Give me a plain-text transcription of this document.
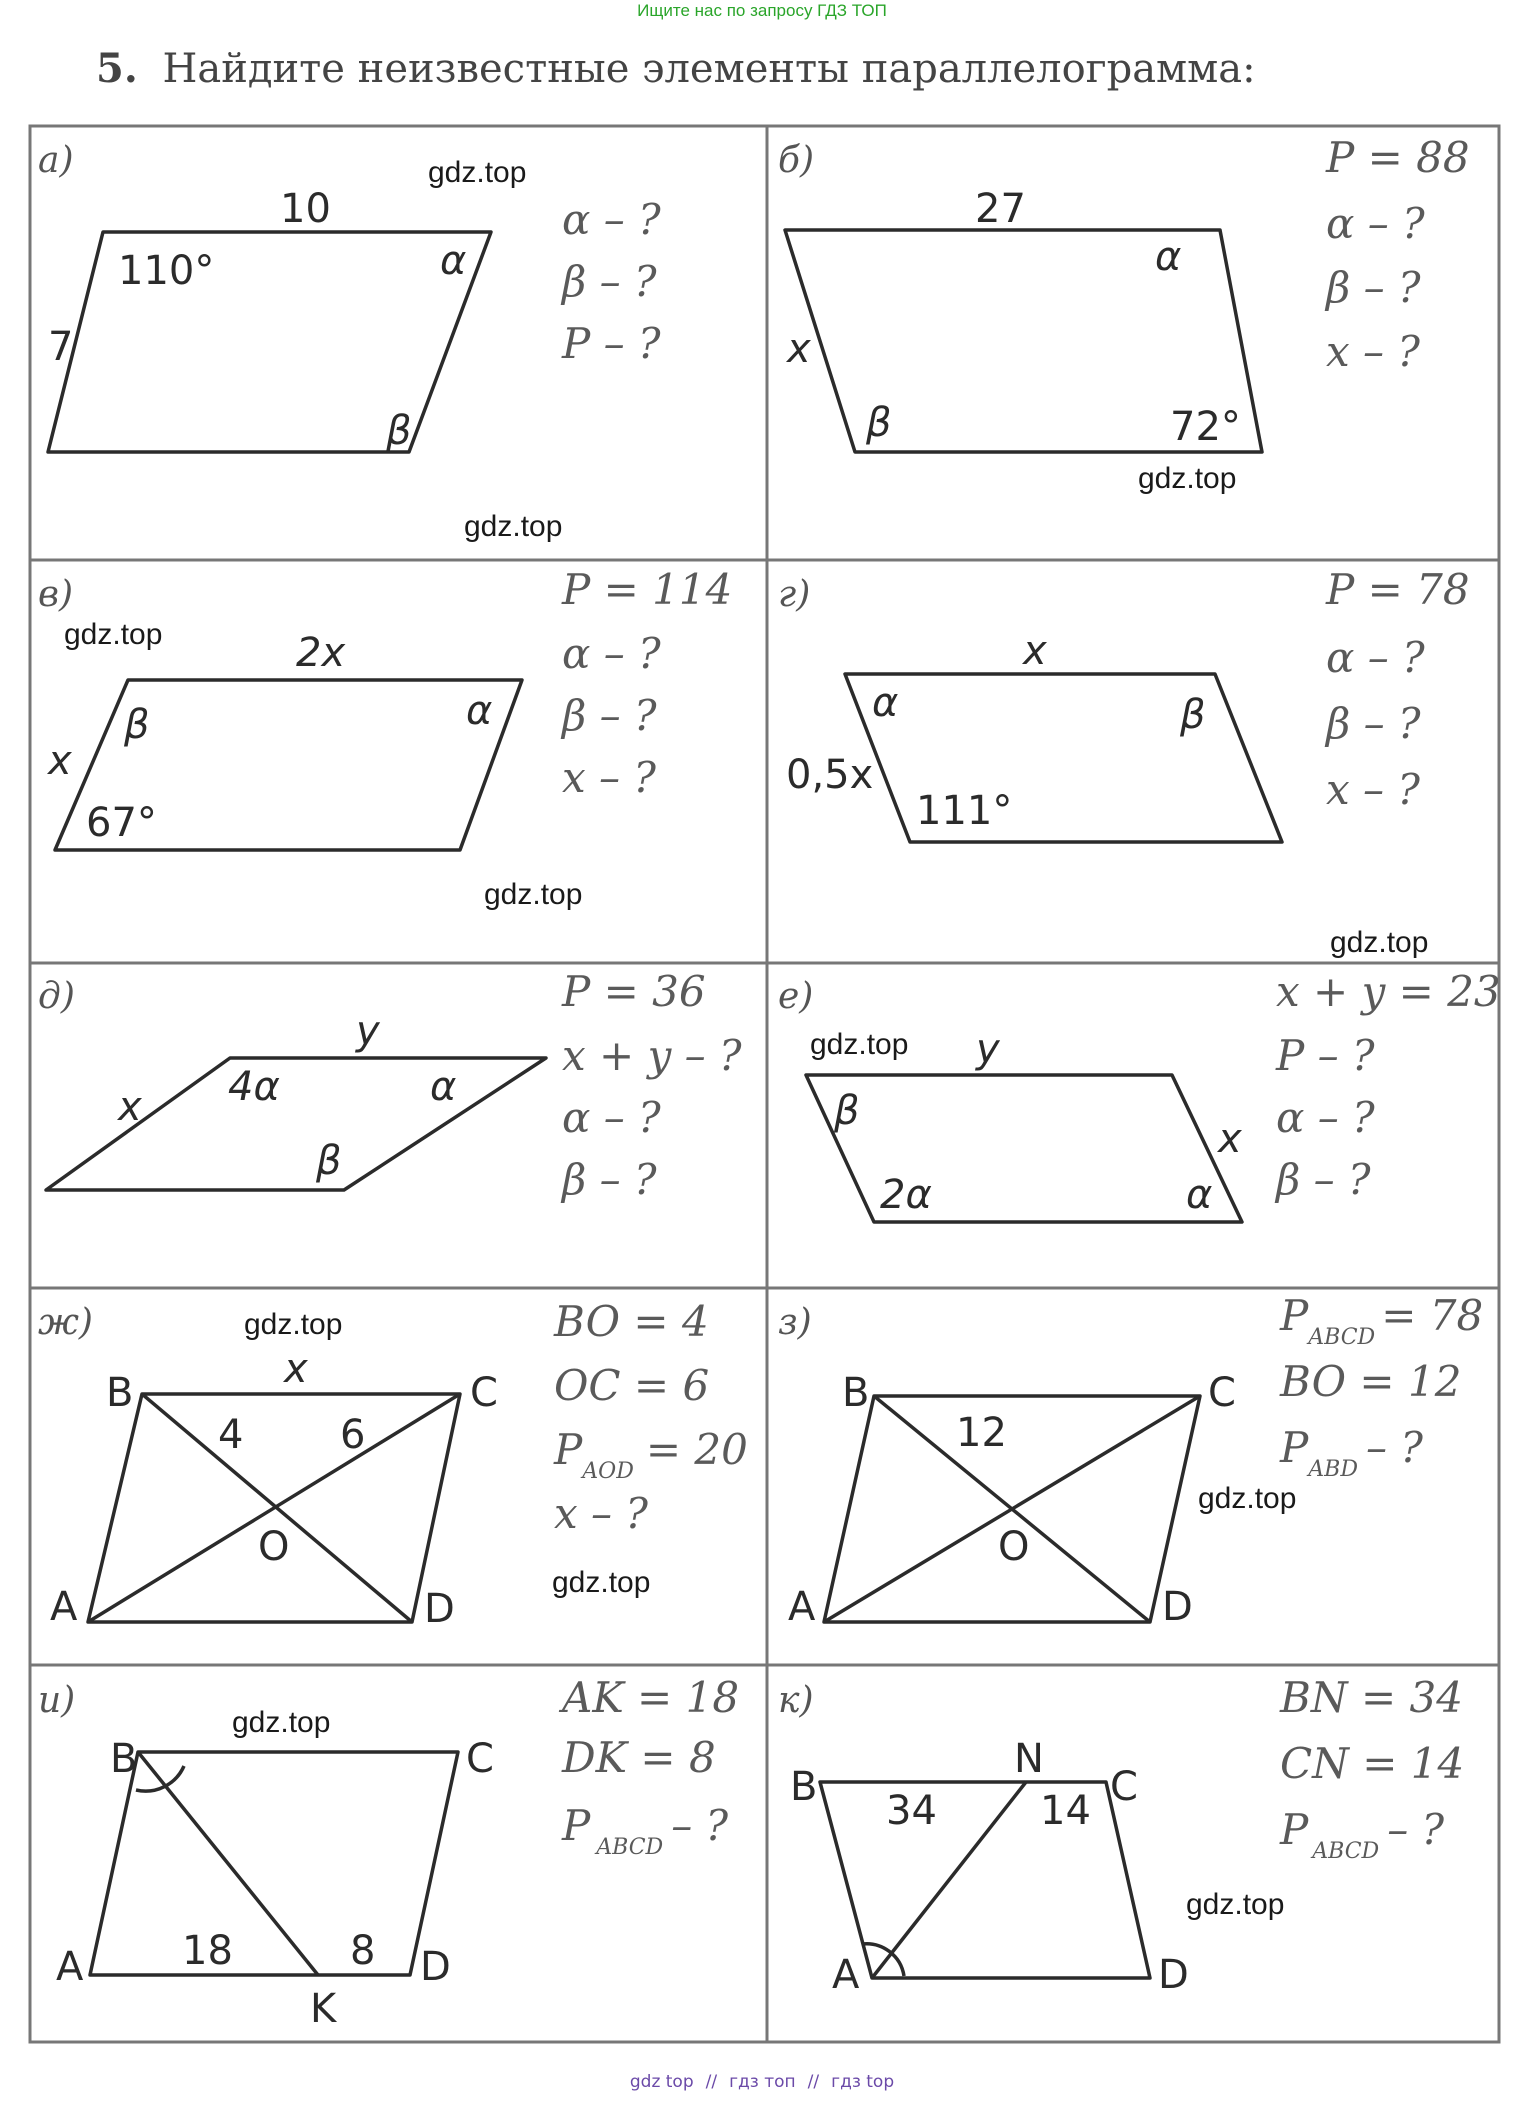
Ищите нас по запросу ГДЗ ТОП
5. Найдите неизвестные элементы параллелограмма:
а)
10
7
110°	α
β
α – ?
β – ?
P – ?
gdz.top
gdz.top
б)
27
x
α
β	72°
P = 88
α – ?
β – ?
x – ?
gdz.top
в)
2x
x
β	α
67°
P = 114
α – ?
β – ?
x – ?
gdz.top
gdz.top
г)
x
0,5x
α	β
111°
P = 78
α – ?
β – ?
x – ?
gdz.top
д)
y
x 4α	α
β
P = 36
x + y – ?
α – ?
β – ?
е)
y
x
β
2α	α
x + y = 23
P – ?
α – ?
β – ?
gdz.top
ж)
B	C
A	D
O
x
4 6
BO = 4
OC = 6
$P_{AOD} = 20$
x – ?
gdz.top
gdz.top
з)
B	C
A	D
O
12
$P_{ABCD} = 78$
BO = 12
$P_{ABD}$ – ?
gdz.top
и)
B	C
A	D
K
18	8
AK = 18
DK = 8
P $_{ABCD}$ – ?
gdz.top
к)
B
N
C
A	D
34	14
BN = 34
CN = 14
P $_{ABCD}$ – ?
gdz.top
gdz top // гдз топ // гдз top
